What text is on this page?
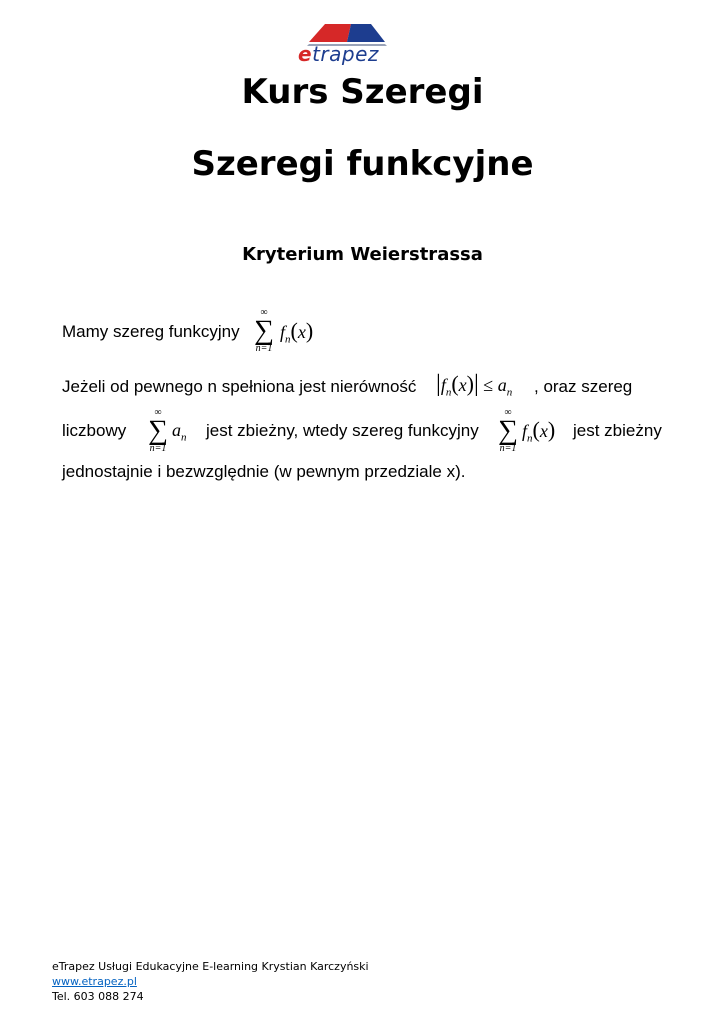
etrapez
Kurs Szeregi
Szeregi funkcyjne
Kryterium Weierstrassa
Mamy szereg funkcyjny
∞
∑
n=1
$f_n(x)$
Jeżeli od pewnego n spełniona jest nierówność $|f_n(x)| \le a_n$ , oraz szereg
liczbowy
∞
∑
n=1
$a_n$ jest zbieżny, wtedy szereg funkcyjny
∞
∑
n=1
$f_n(x)$ jest zbieżny
jednostajnie i bezwzględnie (w pewnym przedziale x).
eTrapez Usługi Edukacyjne E-learning Krystian Karczyński
www.etrapez.pl
Tel. 603 088 274
